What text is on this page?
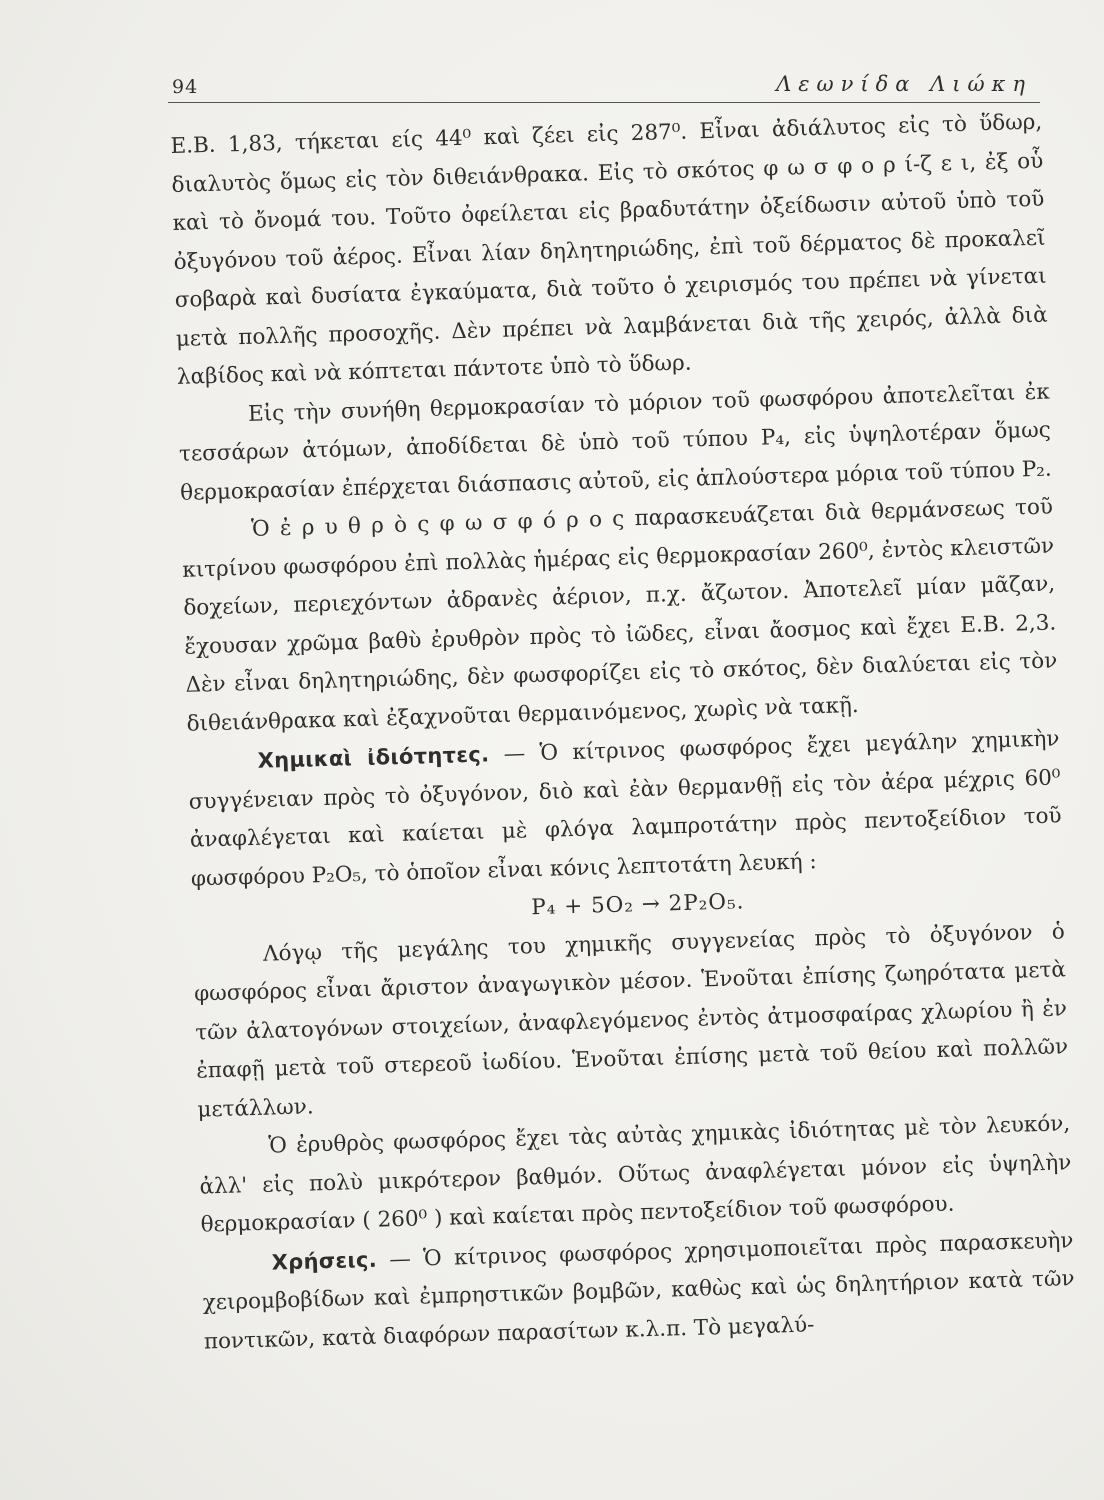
94	Λεωνίδα Λιώκη

Ε.Β. 1,83, τήκεται είς 44⁰ καὶ ζέει εἰς 287⁰. Εἶναι ἀδιάλυτος εἰς τὸ ὕδωρ, διαλυτὸς ὅμως εἰς τὸν διθειάνθρακα. Εἰς τὸ σκότος φ ω σ φ ο ρ ί-ζ ε ι, ἐξ οὗ καὶ τὸ ὄνομά του. Τοῦτο ὀφείλεται εἰς βραδυτάτην ὀξείδωσιν αὐτοῦ ὑπὸ τοῦ ὀξυγόνου τοῦ ἀέρος. Εἶναι λίαν δηλητηριώδης, ἐπὶ τοῦ δέρματος δὲ προκαλεῖ σοβαρὰ καὶ δυσίατα ἐγκαύματα, διὰ τοῦτο ὁ χειρισμός του πρέπει νὰ γίνεται μετὰ πολλῆς προσοχῆς. Δὲν πρέπει νὰ λαμβάνεται διὰ τῆς χειρός, ἀλλὰ διὰ λαβίδος καὶ νὰ κόπτεται πάντοτε ὑπὸ τὸ ὕδωρ.

Εἰς τὴν συνήθη θερμοκρασίαν τὸ μόριον τοῦ φωσφόρου ἀποτελεῖται ἐκ τεσσάρων ἀτόμων, ἀποδίδεται δὲ ὑπὸ τοῦ τύπου P₄, εἰς ὑψηλοτέραν ὅμως θερμοκρασίαν ἐπέρχεται διάσπασις αὐτοῦ, εἰς ἁπλούστερα μόρια τοῦ τύπου P₂.

Ὁ ἐ ρ υ θ ρ ὸ ς φ ω σ φ ό ρ ο ς παρασκευάζεται διὰ θερμάνσεως τοῦ κιτρίνου φωσφόρου ἐπὶ πολλὰς ἡμέρας εἰς θερμοκρασίαν 260⁰, ἐντὸς κλειστῶν δοχείων, περιεχόντων ἀδρανὲς ἀέριον, π.χ. ἄζωτον. Ἀποτελεῖ μίαν μᾶζαν, ἔχουσαν χρῶμα βαθὺ ἐρυθρὸν πρὸς τὸ ἰῶδες, εἶναι ἄοσμος καὶ ἔχει Ε.Β. 2,3. Δὲν εἶναι δηλητηριώδης, δὲν φωσφορίζει εἰς τὸ σκότος, δὲν διαλύεται εἰς τὸν διθειάνθρακα καὶ ἐξαχνοῦται θερμαινόμενος, χωρὶς νὰ τακῇ.

Χημικαὶ ἰδιότητες. — Ὁ κίτρινος φωσφόρος ἔχει μεγάλην χημικὴν συγγένειαν πρὸς τὸ ὀξυγόνον, διὸ καὶ ἐὰν θερμανθῇ εἰς τὸν ἀέρα μέχρις 60⁰ ἀναφλέγεται καὶ καίεται μὲ φλόγα λαμπροτάτην πρὸς πεντοξείδιον τοῦ φωσφόρου P₂O₅, τὸ ὁποῖον εἶναι κόνις λεπτοτάτη λευκή :

P₄ + 5O₂ → 2P₂O₅.

Λόγῳ τῆς μεγάλης του χημικῆς συγγενείας πρὸς τὸ ὀξυγόνον ὁ φωσφόρος εἶναι ἄριστον ἀναγωγικὸν μέσον. Ἑνοῦται ἐπίσης ζωηρότατα μετὰ τῶν ἀλατογόνων στοιχείων, ἀναφλεγόμενος ἐντὸς ἀτμοσφαίρας χλωρίου ἢ ἐν ἐπαφῇ μετὰ τοῦ στερεοῦ ἰωδίου. Ἑνοῦται ἐπίσης μετὰ τοῦ θείου καὶ πολλῶν μετάλλων.

Ὁ ἐρυθρὸς φωσφόρος ἔχει τὰς αὐτὰς χημικὰς ἰδιότητας μὲ τὸν λευκόν, ἀλλ' εἰς πολὺ μικρότερον βαθμόν. Οὕτως ἀναφλέγεται μόνον εἰς ὑψηλὴν θερμοκρασίαν ( 260⁰ ) καὶ καίεται πρὸς πεντοξείδιον τοῦ φωσφόρου.

Χρήσεις. — Ὁ κίτρινος φωσφόρος χρησιμοποιεῖται πρὸς παρασκευὴν χειρομβοβίδων καὶ ἐμπρηστικῶν βομβῶν, καθὼς καὶ ὡς δηλητήριον κατὰ τῶν ποντικῶν, κατὰ διαφόρων παρασίτων κ.λ.π. Τὸ μεγαλύ-
